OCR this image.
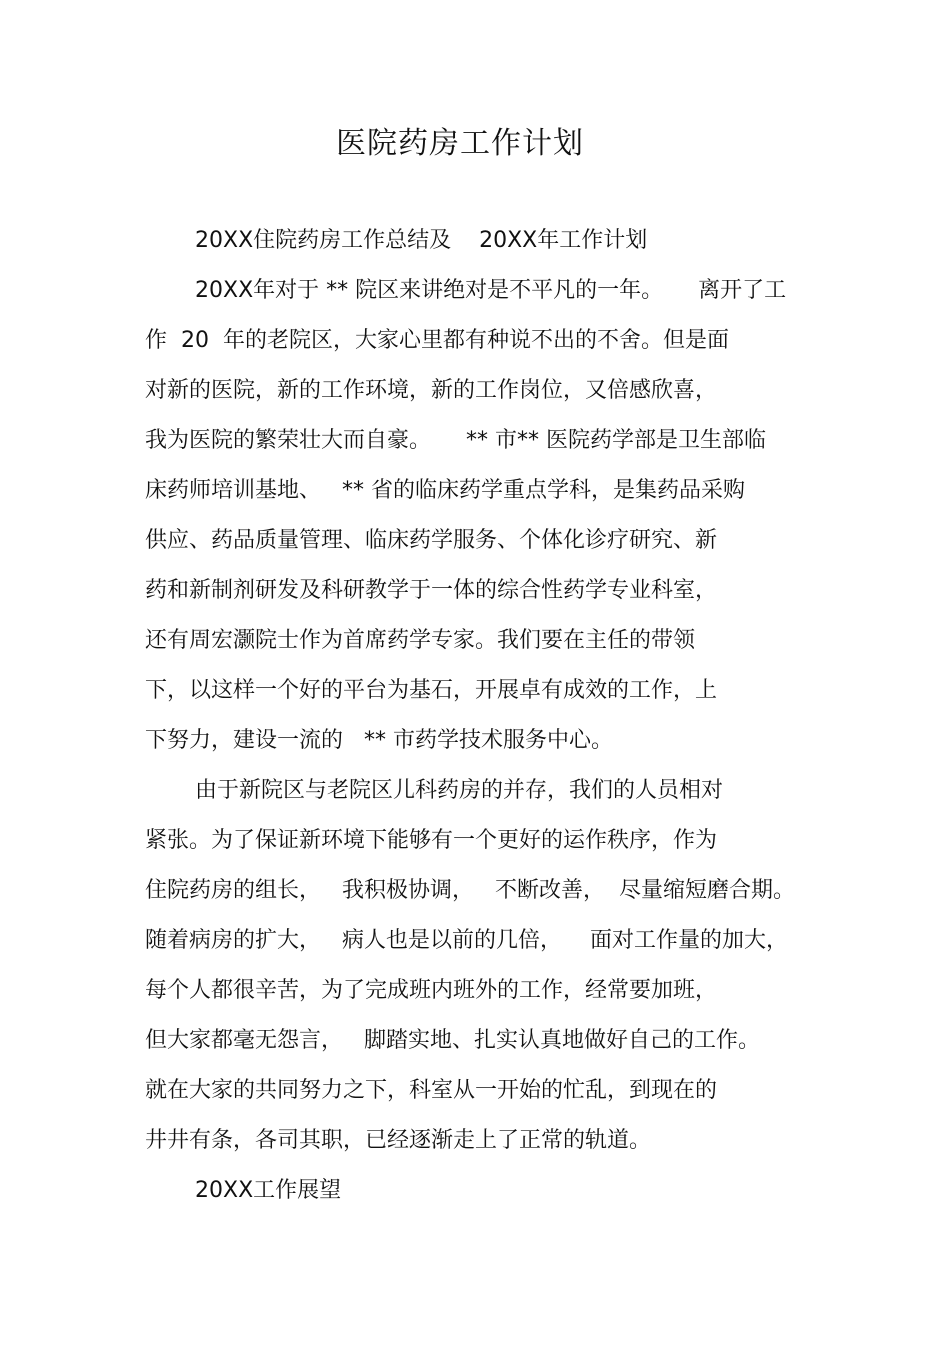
医院药房工作计划
20XX住院药房工作总结及    20XX年工作计划
20XX年对于 ** 院区来讲绝对是不平凡的一年。     离开了工
作  20  年的老院区，大家心里都有种说不出的不舍。但是面
对新的医院，新的工作环境，新的工作岗位，又倍感欣喜，
我为医院的繁荣壮大而自豪。     ** 市** 医院药学部是卫生部临
床药师培训基地、   ** 省的临床药学重点学科，是集药品采购
供应、药品质量管理、临床药学服务、个体化诊疗研究、新
药和新制剂研发及科研教学于一体的综合性药学专业科室，
还有周宏灏院士作为首席药学专家。我们要在主任的带领
下，以这样一个好的平台为基石，开展卓有成效的工作，上
下努力，建设一流的   ** 市药学技术服务中心。
由于新院区与老院区儿科药房的并存，我们的人员相对
紧张。为了保证新环境下能够有一个更好的运作秩序，作为
住院药房的组长，   我积极协调，   不断改善，  尽量缩短磨合期。
随着病房的扩大，   病人也是以前的几倍，    面对工作量的加大，
每个人都很辛苦，为了完成班内班外的工作，经常要加班，
但大家都毫无怨言，   脚踏实地、扎实认真地做好自己的工作。
就在大家的共同努力之下，科室从一开始的忙乱，到现在的
井井有条，各司其职，已经逐渐走上了正常的轨道。
20XX工作展望
